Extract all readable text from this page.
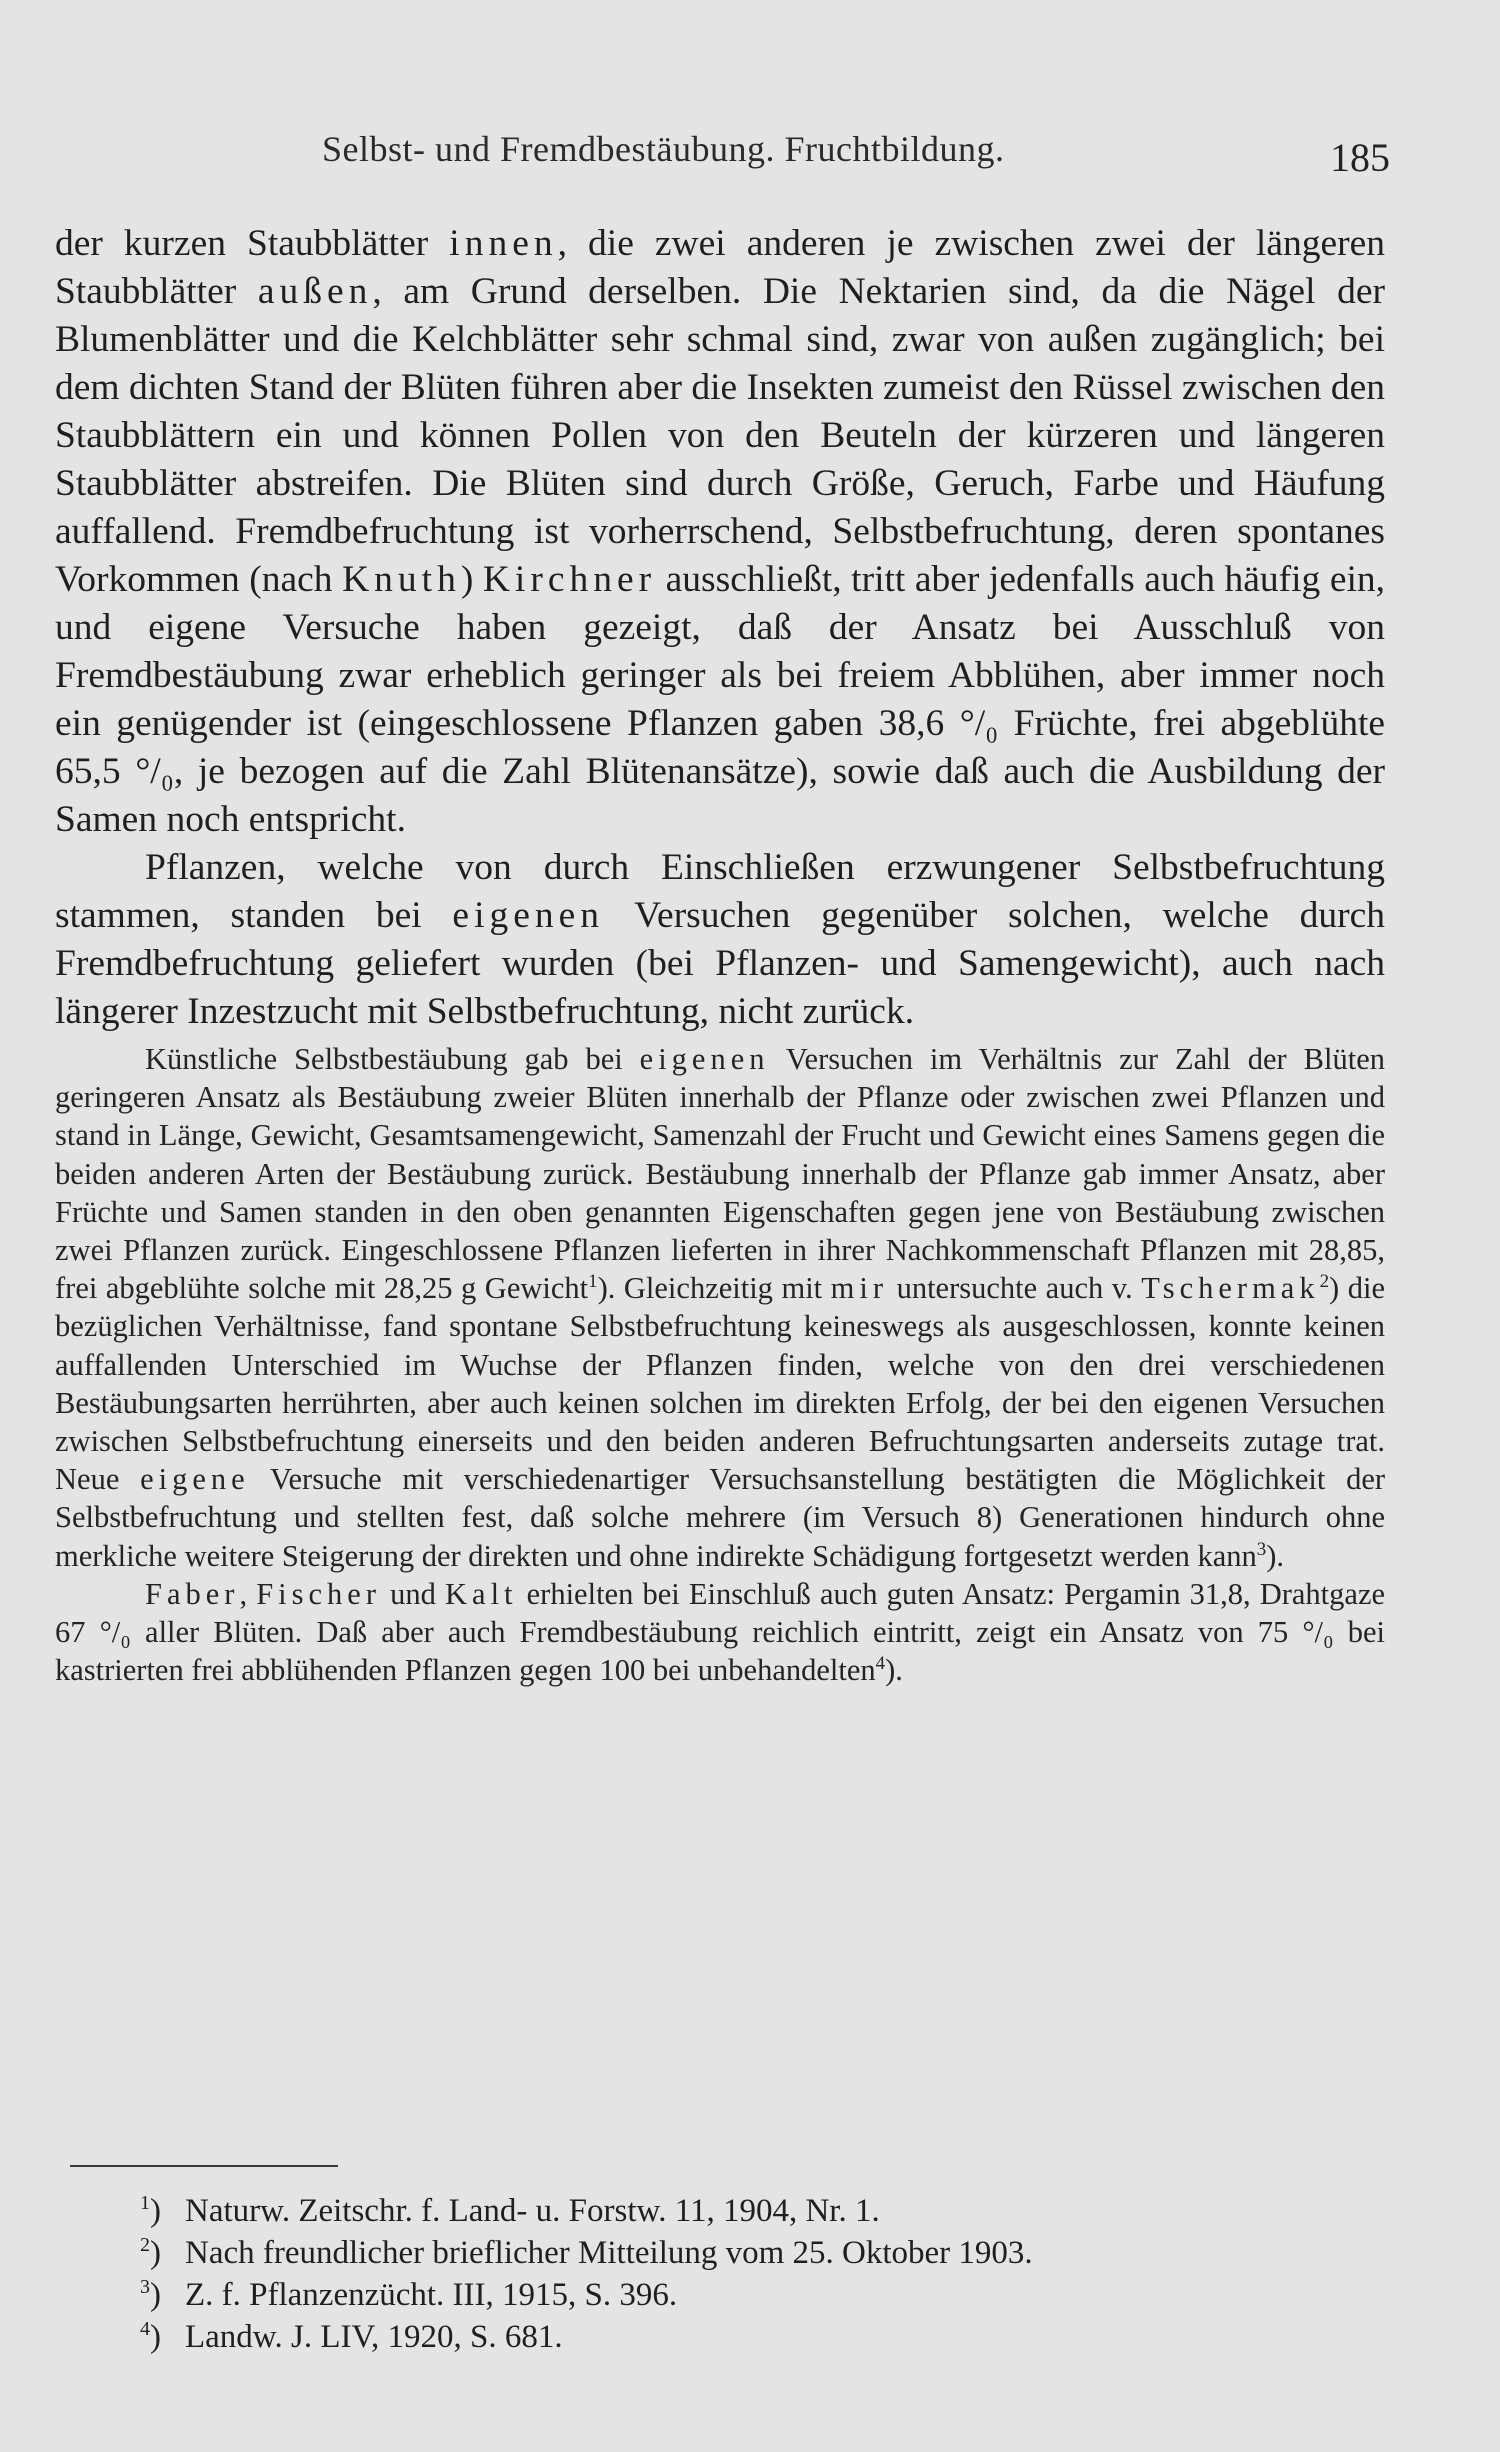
Selbst- und Fremdbestäubung. Fruchtbildung.	185

der kurzen Staubblätter innen, die zwei anderen je zwischen zwei der längeren Staubblätter außen, am Grund derselben. Die Nektarien sind, da die Nägel der Blumenblätter und die Kelchblätter sehr schmal sind, zwar von außen zugänglich; bei dem dichten Stand der Blüten führen aber die Insekten zumeist den Rüssel zwischen den Staubblättern ein und können Pollen von den Beuteln der kürzeren und längeren Staubblätter abstreifen. Die Blüten sind durch Größe, Geruch, Farbe und Häufung auffallend. Fremdbefruchtung ist vorherrschend, Selbstbefruchtung, deren spontanes Vorkommen (nach Knuth) Kirchner ausschließt, tritt aber jedenfalls auch häufig ein, und eigene Versuche haben gezeigt, daß der Ansatz bei Ausschluß von Fremdbestäubung zwar erheblich geringer als bei freiem Abblühen, aber immer noch ein genügender ist (eingeschlossene Pflanzen gaben 38,6 °/₀ Früchte, frei abgeblühte 65,5 °/₀, je bezogen auf die Zahl Blütenansätze), sowie daß auch die Ausbildung der Samen noch entspricht.

Pflanzen, welche von durch Einschließen erzwungener Selbstbefruchtung stammen, standen bei eigenen Versuchen gegenüber solchen, welche durch Fremdbefruchtung geliefert wurden (bei Pflanzen- und Samengewicht), auch nach längerer Inzestzucht mit Selbstbefruchtung, nicht zurück.

Künstliche Selbstbestäubung gab bei eigenen Versuchen im Verhältnis zur Zahl der Blüten geringeren Ansatz als Bestäubung zweier Blüten innerhalb der Pflanze oder zwischen zwei Pflanzen und stand in Länge, Gewicht, Gesamtsamengewicht, Samenzahl der Frucht und Gewicht eines Samens gegen die beiden anderen Arten der Bestäubung zurück. Bestäubung innerhalb der Pflanze gab immer Ansatz, aber Früchte und Samen standen in den oben genannten Eigenschaften gegen jene von Bestäubung zwischen zwei Pflanzen zurück. Eingeschlossene Pflanzen lieferten in ihrer Nachkommenschaft Pflanzen mit 28,85, frei abgeblühte solche mit 28,25 g Gewicht$^1$). Gleichzeitig mit mir untersuchte auch v. Tschermak$^2$) die bezüglichen Verhältnisse, fand spontane Selbstbefruchtung keineswegs als ausgeschlossen, konnte keinen auffallenden Unterschied im Wuchse der Pflanzen finden, welche von den drei verschiedenen Bestäubungsarten herrührten, aber auch keinen solchen im direkten Erfolg, der bei den eigenen Versuchen zwischen Selbstbefruchtung einerseits und den beiden anderen Befruchtungsarten anderseits zutage trat. Neue eigene Versuche mit verschiedenartiger Versuchsanstellung bestätigten die Möglichkeit der Selbstbefruchtung und stellten fest, daß solche mehrere (im Versuch 8) Generationen hindurch ohne merkliche weitere Steigerung der direkten und ohne indirekte Schädigung fortgesetzt werden kann$^3$).

Faber, Fischer und Kalt erhielten bei Einschluß auch guten Ansatz: Pergamin 31,8, Drahtgaze 67 °/₀ aller Blüten. Daß aber auch Fremdbestäubung reichlich eintritt, zeigt ein Ansatz von 75 °/₀ bei kastrierten frei abblühenden Pflanzen gegen 100 bei unbehandelten$^4$).

$^1$) Naturw. Zeitschr. f. Land- u. Forstw. 11, 1904, Nr. 1.
$^2$) Nach freundlicher brieflicher Mitteilung vom 25. Oktober 1903.
$^3$) Z. f. Pflanzenzücht. III, 1915, S. 396.
$^4$) Landw. J. LIV, 1920, S. 681.
